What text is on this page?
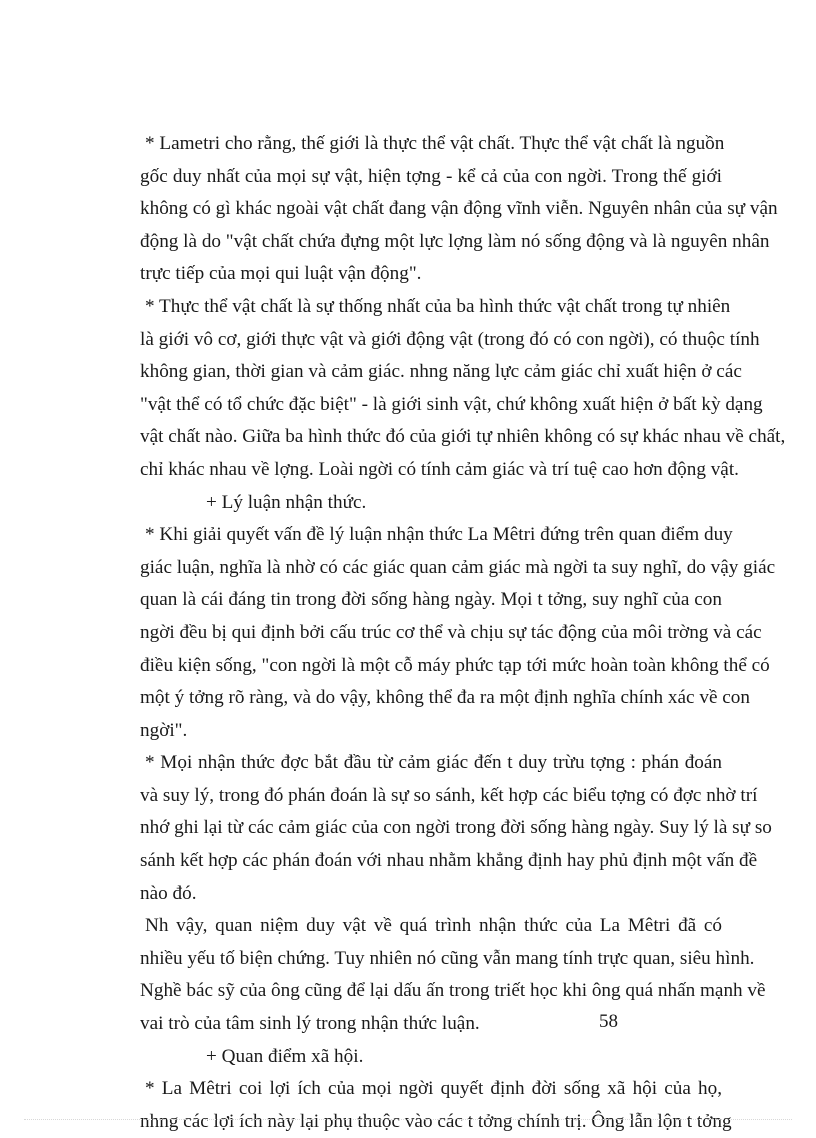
* Lametri cho rằng, thế giới là thực thể vật chất. Thực thể vật chất là nguồn
gốc duy nhất của mọi sự vật, hiện tợng - kể cả của con ngời. Trong thế giới
không có gì khác ngoài vật chất đang vận động vĩnh viễn. Nguyên nhân của sự vận
động là do "vật chất chứa đựng một lực lợng làm nó sống động và là nguyên nhân
trực tiếp của mọi qui luật vận động".
* Thực thể vật chất là sự thống nhất của ba hình thức vật chất trong tự nhiên
là giới vô cơ, giới thực vật và giới động vật (trong đó có con ngời), có thuộc tính
không gian, thời gian và cảm giác. nhng năng lực cảm giác chỉ xuất hiện ở các
"vật thể có tổ chức đặc biệt" - là giới sinh vật, chứ không xuất hiện ở bất kỳ dạng
vật chất nào. Giữa ba hình thức đó của giới tự nhiên không có sự khác nhau về chất,
chỉ khác nhau về lợng. Loài ngời có tính cảm giác và trí tuệ cao hơn động vật.
+ Lý luận nhận thức.
* Khi giải quyết vấn đề lý luận nhận thức La Mêtri đứng trên quan điểm duy
giác luận, nghĩa là nhờ có các giác quan cảm giác mà ngời ta suy nghĩ, do vậy giác
quan là cái đáng tin trong đời sống hàng ngày. Mọi t tởng, suy nghĩ của con
ngời đều bị qui định bởi cấu trúc cơ thể và chịu sự tác động của môi trờng và các
điều kiện sống, "con ngời là một cỗ máy phức tạp tới mức hoàn toàn không thể có
một ý tởng rõ ràng, và do vậy, không thể đa ra một định nghĩa chính xác về con
ngời".
* Mọi nhận thức đợc bắt đầu từ cảm giác đến t duy trừu tợng : phán đoán
và suy lý, trong đó phán đoán là sự so sánh, kết hợp các biểu tợng có đợc nhờ trí
nhớ ghi lại từ các cảm giác của con ngời trong đời sống hàng ngày. Suy lý là sự so
sánh kết hợp các phán đoán với nhau nhằm khẳng định hay phủ định một vấn đề
nào đó.
Nh vậy, quan niệm duy vật về quá trình nhận thức của La Mêtri đã có
nhiều yếu tố biện chứng. Tuy nhiên nó cũng vẫn mang tính trực quan, siêu hình.
Nghề bác sỹ của ông cũng để lại dấu ấn trong triết học khi ông quá nhấn mạnh về
vai trò của tâm sinh lý trong nhận thức luận.
+ Quan điểm xã hội.
* La Mêtri coi lợi ích của mọi ngời quyết định đời sống xã hội của họ,
nhng các lợi ích này lại phụ thuộc vào các t tởng chính trị. Ông lẫn lộn t tởng
58
